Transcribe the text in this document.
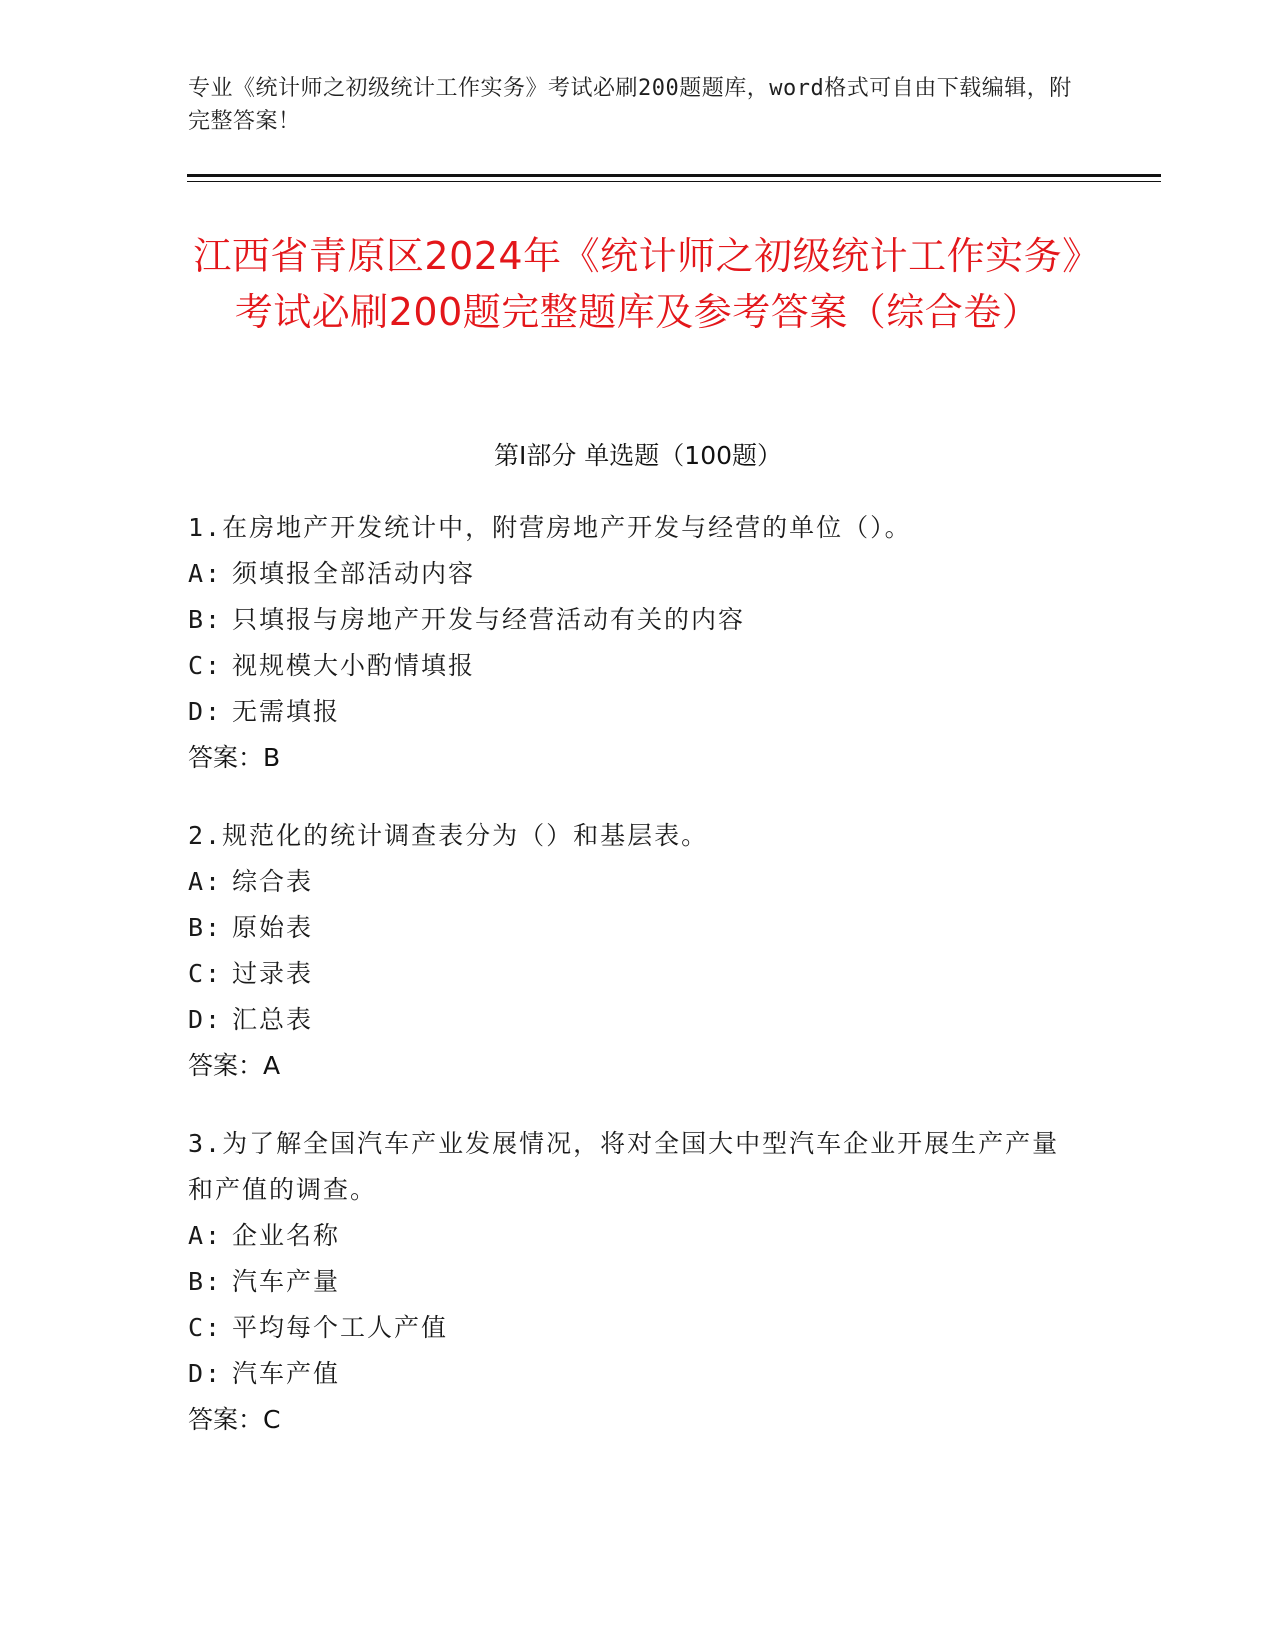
专业《统计师之初级统计工作实务》考试必刷200题题库，word格式可自由下载编辑，附完整答案！
江西省青原区2024年《统计师之初级统计工作实务》考试必刷200题完整题库及参考答案（综合卷）
第Ⅰ部分 单选题（100题）
1.在房地产开发统计中，附营房地产开发与经营的单位（）。
A: 须填报全部活动内容
B: 只填报与房地产开发与经营活动有关的内容
C: 视规模大小酌情填报
D: 无需填报
答案：B
2.规范化的统计调查表分为（）和基层表。
A: 综合表
B: 原始表
C: 过录表
D: 汇总表
答案：A
3.为了解全国汽车产业发展情况，将对全国大中型汽车企业开展生产产量和产值的调查。
A: 企业名称
B: 汽车产量
C: 平均每个工人产值
D: 汽车产值
答案：C
